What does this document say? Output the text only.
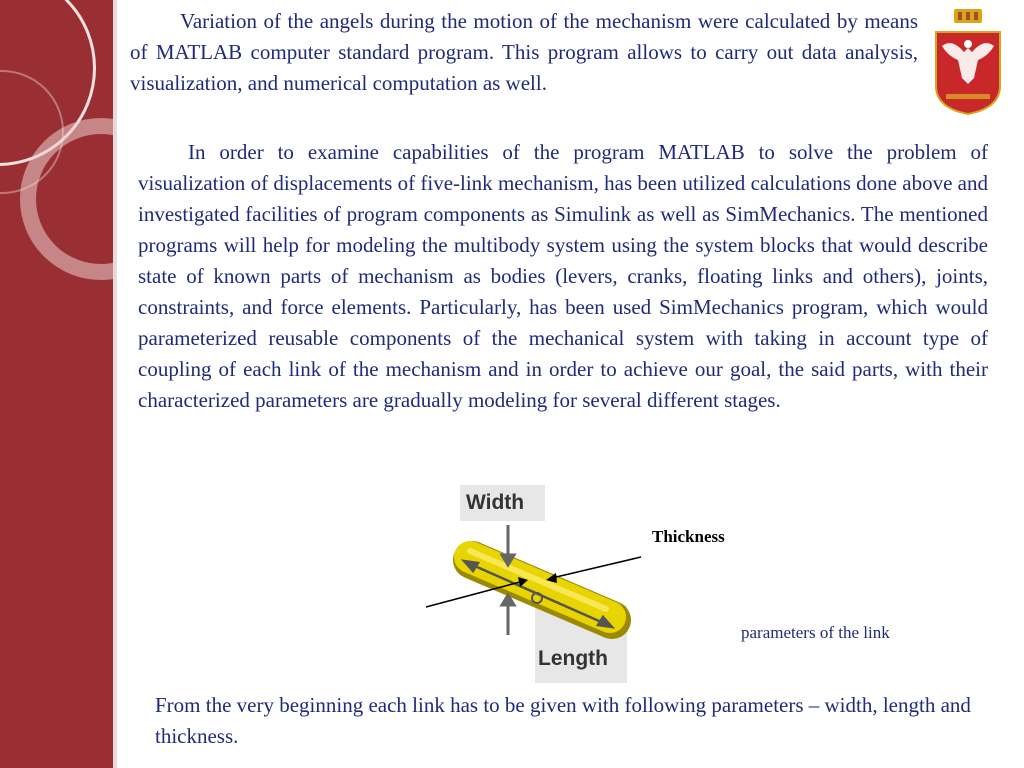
Variation of the angels during the motion of the mechanism were calculated by means of MATLAB computer standard program. This program allows to carry out data analysis, visualization, and numerical computation as well.

In order to examine capabilities of the program MATLAB to solve the problem of visualization of displacements of five-link mechanism, has been utilized calculations done above and investigated facilities of program components as Simulink as well as SimMechanics. The mentioned programs will help for modeling the multibody system using the system blocks that would describe state of known parts of mechanism as bodies (levers, cranks, floating links and others), joints, constraints, and force elements. Particularly, has been used SimMechanics program, which would parameterized reusable components of the mechanical system with taking in account type of coupling of each link of the mechanism and in order to achieve our goal, the said parts, with their characterized parameters are gradually modeling for several different stages.

Width
Length
Thickness
parameters of the link

From the very beginning each link has to be given with following parameters – width, length and thickness.
